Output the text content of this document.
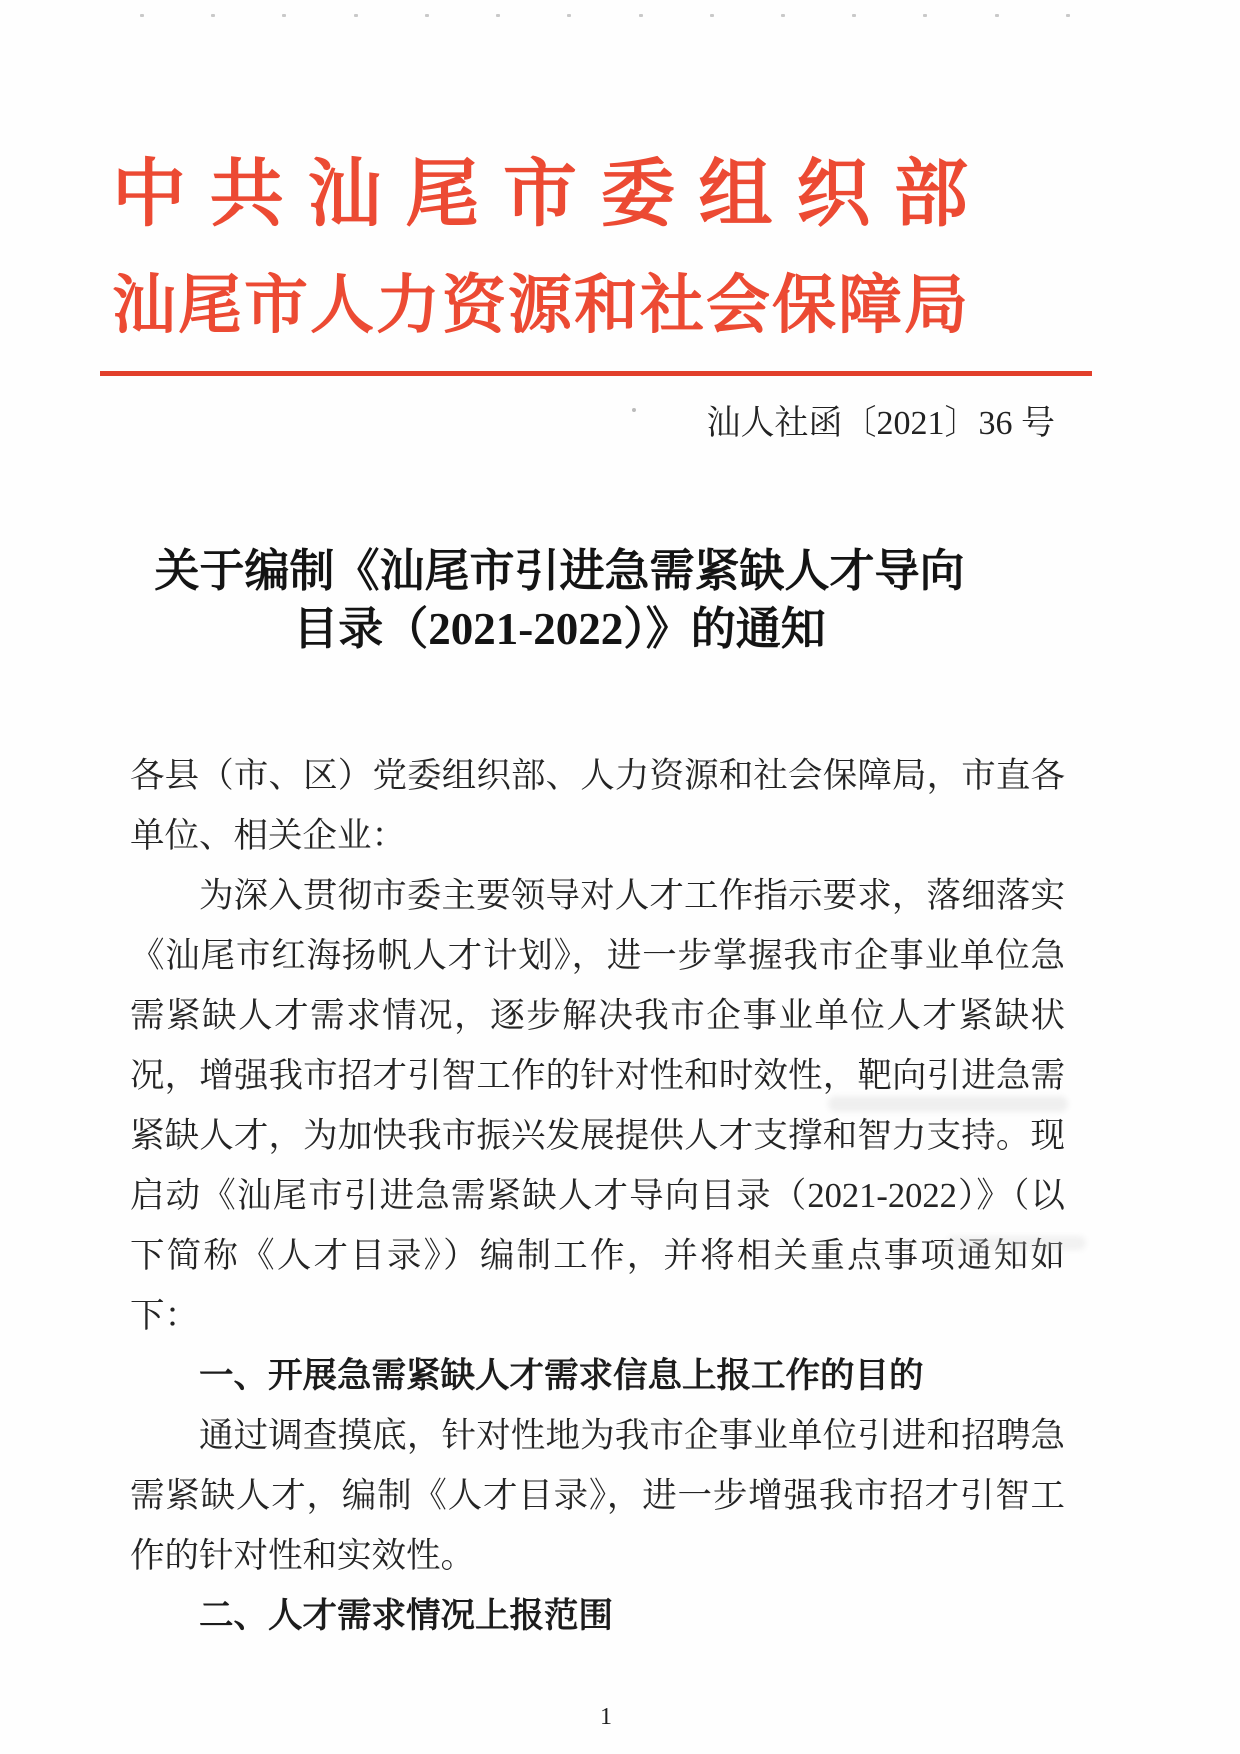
中共汕尾市委组织部
汕尾市人力资源和社会保障局
汕人社函〔2021〕36 号
关于编制《汕尾市引进急需紧缺人才导向
目录（2021-2022）》的通知

各县（市、区）党委组织部、人力资源和社会保障局，市直各单位、相关企业：

为深入贯彻市委主要领导对人才工作指示要求，落细落实《汕尾市红海扬帆人才计划》，进一步掌握我市企事业单位急需紧缺人才需求情况，逐步解决我市企事业单位人才紧缺状况，增强我市招才引智工作的针对性和时效性，靶向引进急需紧缺人才，为加快我市振兴发展提供人才支撑和智力支持。现启动《汕尾市引进急需紧缺人才导向目录（2021-2022）》（以下简称《人才目录》）编制工作，并将相关重点事项通知如下：

一、开展急需紧缺人才需求信息上报工作的目的

通过调查摸底，针对性地为我市企事业单位引进和招聘急需紧缺人才，编制《人才目录》，进一步增强我市招才引智工作的针对性和实效性。

二、人才需求情况上报范围

1
